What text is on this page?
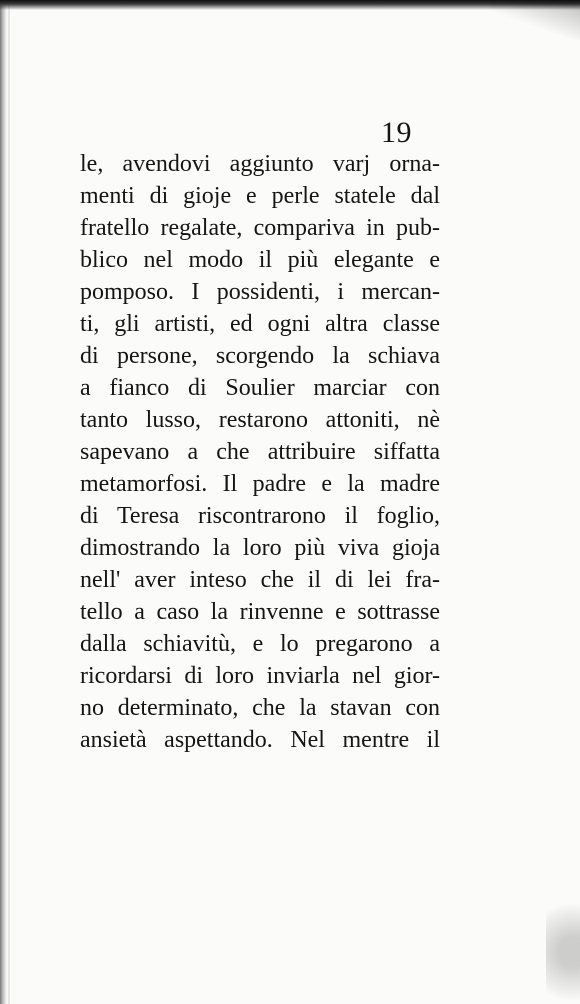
19
le, avendovi aggiunto varj orna-
menti di gioje e perle statele dal
fratello regalate, compariva in pub-
blico nel modo il più elegante e
pomposo. I possidenti, i mercan-
ti, gli artisti, ed ogni altra classe
di persone, scorgendo la schiava
a fianco di Soulier marciar con
tanto lusso, restarono attoniti, nè
sapevano a che attribuire siffatta
metamorfosi. Il padre e la madre
di Teresa riscontrarono il foglio,
dimostrando la loro più viva gioja
nell' aver inteso che il di lei fra-
tello a caso la rinvenne e sottrasse
dalla schiavitù, e lo pregarono a
ricordarsi di loro inviarla nel gior-
no determinato, che la stavan con
ansietà aspettando. Nel mentre il
